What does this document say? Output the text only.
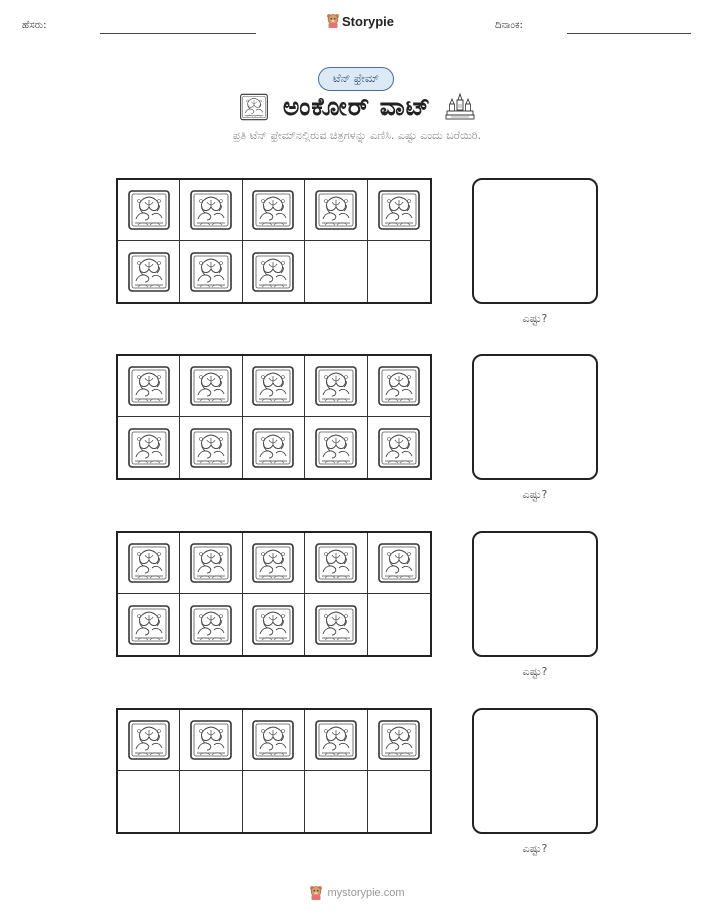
ಹೆಸರು:	Storypie	ದಿನಾಂಕ:
ಟೆನ್ ಫ್ರೇಮ್
ಅಂಕೋರ್ ವಾಟ್
ಪ್ರತಿ ಟೆನ್ ಫ್ರೇಮ್‌ನಲ್ಲಿರುವ ಚಿತ್ರಗಳನ್ನು ಎಣಿಸಿ. ಎಷ್ಟು ಎಂದು ಬರೆಯಿರಿ.
ಎಷ್ಟು?
ಎಷ್ಟು?
ಎಷ್ಟು?
ಎಷ್ಟು?
mystorypie.com
